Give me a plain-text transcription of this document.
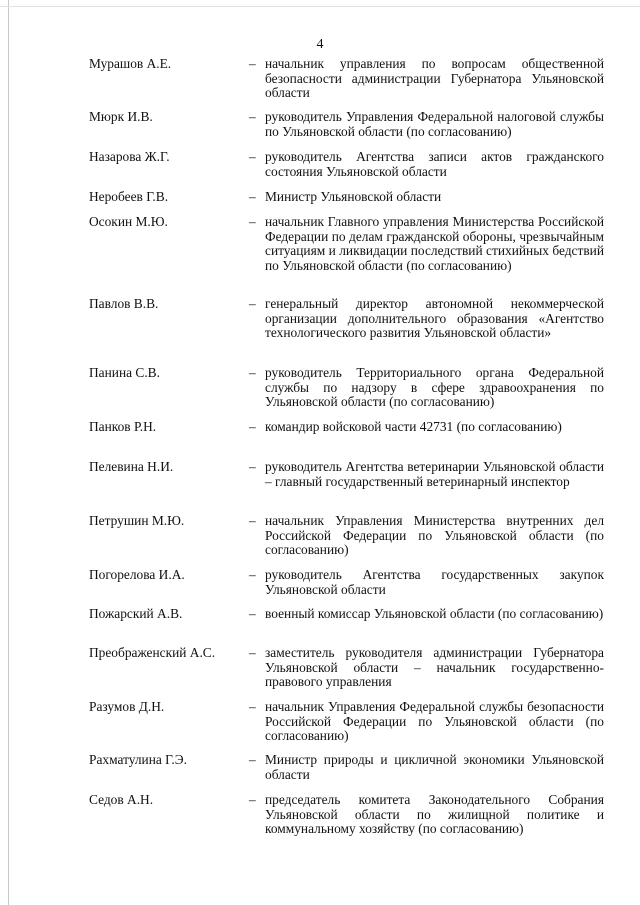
4
Мурашов А.Е.	– начальник управления по вопросам общественной безопасности администрации Губернатора Ульяновской области
Мюрк И.В.	– руководитель Управления Федеральной налоговой службы по Ульяновской области (по согласованию)
Назарова Ж.Г.	– руководитель Агентства записи актов гражданского состояния Ульяновской области
Неробеев Г.В.	– Министр Ульяновской области
Осокин М.Ю.	– начальник Главного управления Министерства Российской Федерации по делам гражданской обороны, чрезвычайным ситуациям и ликвидации последствий стихийных бедствий по Ульяновской области (по согласованию)
Павлов В.В.	– генеральный директор автономной некоммерческой организации дополнительного образования «Агентство технологического развития Ульяновской области»
Панина С.В.	– руководитель Территориального органа Федеральной службы по надзору в сфере здравоохранения по Ульяновской области (по согласованию)
Панков Р.Н.	– командир войсковой части 42731 (по согласованию)
Пелевина Н.И.	– руководитель Агентства ветеринарии Ульяновской области – главный государственный ветеринарный инспектор
Петрушин М.Ю.	– начальник Управления Министерства внутренних дел Российской Федерации по Ульяновской области (по согласованию)
Погорелова И.А.	– руководитель Агентства государственных закупок Ульяновской области
Пожарский А.В.	– военный комиссар Ульяновской области (по согласованию)
Преображенский А.С.	– заместитель руководителя администрации Губернатора Ульяновской области – начальник государственно-правового управления
Разумов Д.Н.	– начальник Управления Федеральной службы безопасности Российской Федерации по Ульяновской области (по согласованию)
Рахматулина Г.Э.	– Министр природы и цикличной экономики Ульяновской области
Седов А.Н.	– председатель комитета Законодательного Собрания Ульяновской области по жилищной политике и коммунальному хозяйству (по согласованию)
